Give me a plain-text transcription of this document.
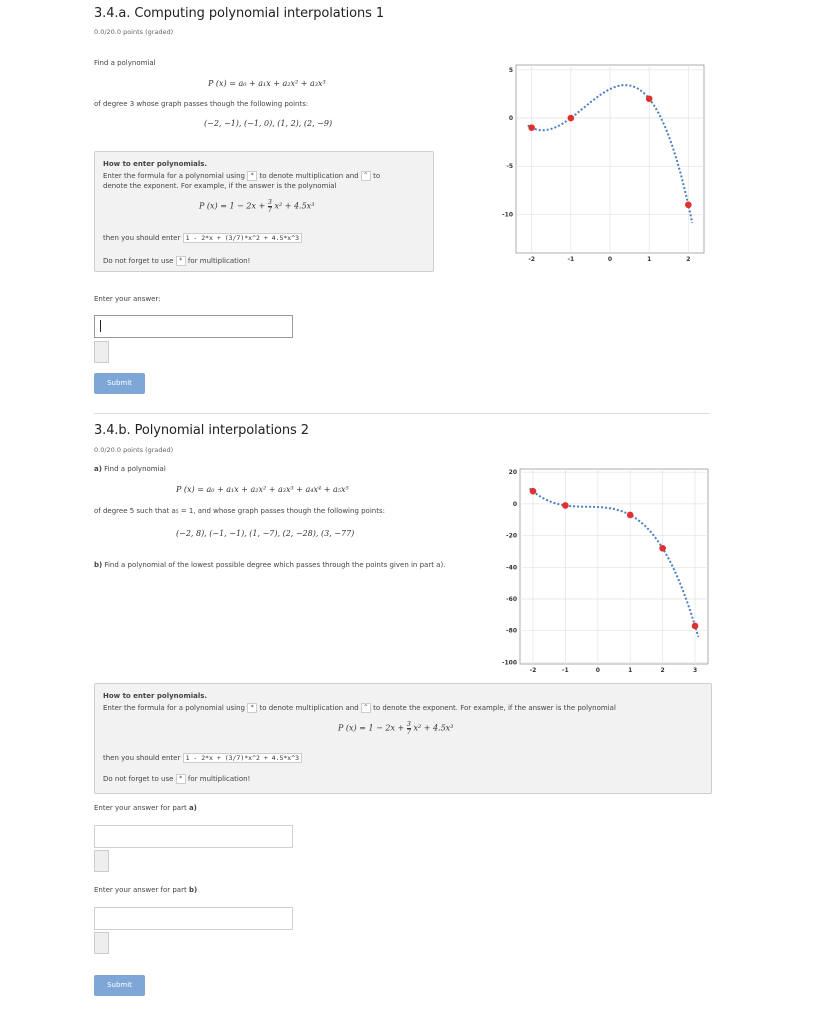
3.4.a. Computing polynomial interpolations 1
0.0/20.0 points (graded)
Find a polynomial
P (x) = a₀ + a₁x + a₂x² + a₃x³
of degree 3 whose graph passes though the following points:
(−2, −1), (−1, 0), (1, 2), (2, −9)
How to enter polynomials.
Enter the formula for a polynomial using * to denote multiplication and ^ to
denote the exponent. For example, if the answer is the polynomial
P $(x) = 1 - 2x + \frac{3}{7} x^2 + 4.5x^3$
then you should enter 1 - 2*x + (3/7)*x^2 + 4.5*x^3
Do not forget to use * for multiplication!
Enter your answer:
Submit
-2	-1	0	1	2
5
0
-5
-10
3.4.b. Polynomial interpolations 2
0.0/20.0 points (graded)
a) Find a polynomial
P (x) = a₀ + a₁x + a₂x² + a₃x³ + a₄x⁴ + a₅x⁵
of degree 5 such that a₅ = 1, and whose graph passes though the following points:
(−2, 8), (−1, −1), (1, −7), (2, −28), (3, −77)
b) Find a polynomial of the lowest possible degree which passes through the points given in part a).
-2	-1	0	1	2	3
20
0
-20
-40
-60
-80
-100
How to enter polynomials.
Enter the formula for a polynomial using * to denote multiplication and ^ to denote the exponent. For example, if the answer is the polynomial
P $(x) = 1 - 2x + \frac{3}{7} x^2 + 4.5x^3$
then you should enter 1 - 2*x + (3/7)*x^2 + 4.5*x^3
Do not forget to use * for multiplication!
Enter your answer for part a)
Enter your answer for part b)
Submit
